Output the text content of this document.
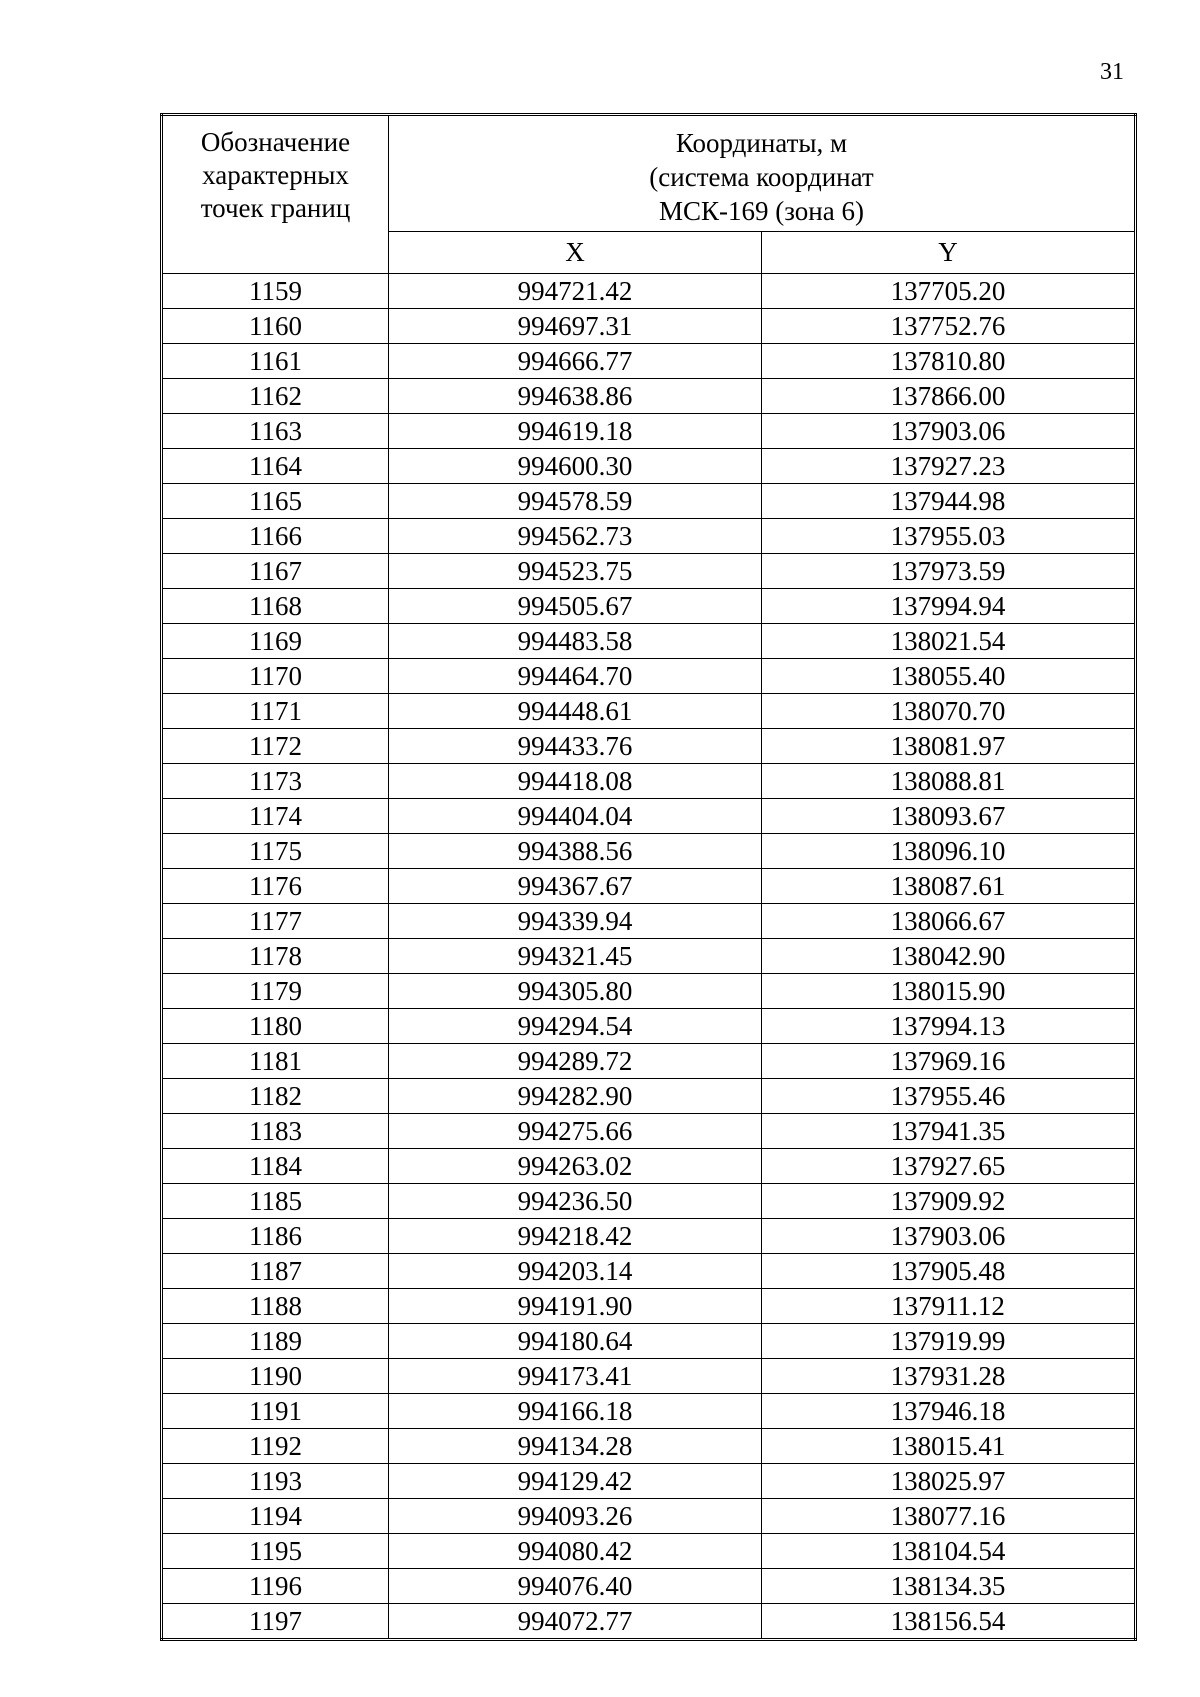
31
Обозначение
характерных
точек границ	Координаты, м
(система координат
МСК-169 (зона 6)	

	X	Y
1159	994721.42	137705.20
1160	994697.31	137752.76
1161	994666.77	137810.80
1162	994638.86	137866.00
1163	994619.18	137903.06
1164	994600.30	137927.23
1165	994578.59	137944.98
1166	994562.73	137955.03
1167	994523.75	137973.59
1168	994505.67	137994.94
1169	994483.58	138021.54
1170	994464.70	138055.40
1171	994448.61	138070.70
1172	994433.76	138081.97
1173	994418.08	138088.81
1174	994404.04	138093.67
1175	994388.56	138096.10
1176	994367.67	138087.61
1177	994339.94	138066.67
1178	994321.45	138042.90
1179	994305.80	138015.90
1180	994294.54	137994.13
1181	994289.72	137969.16
1182	994282.90	137955.46
1183	994275.66	137941.35
1184	994263.02	137927.65
1185	994236.50	137909.92
1186	994218.42	137903.06
1187	994203.14	137905.48
1188	994191.90	137911.12
1189	994180.64	137919.99
1190	994173.41	137931.28
1191	994166.18	137946.18
1192	994134.28	138015.41
1193	994129.42	138025.97
1194	994093.26	138077.16
1195	994080.42	138104.54
1196	994076.40	138134.35
1197	994072.77	138156.54
